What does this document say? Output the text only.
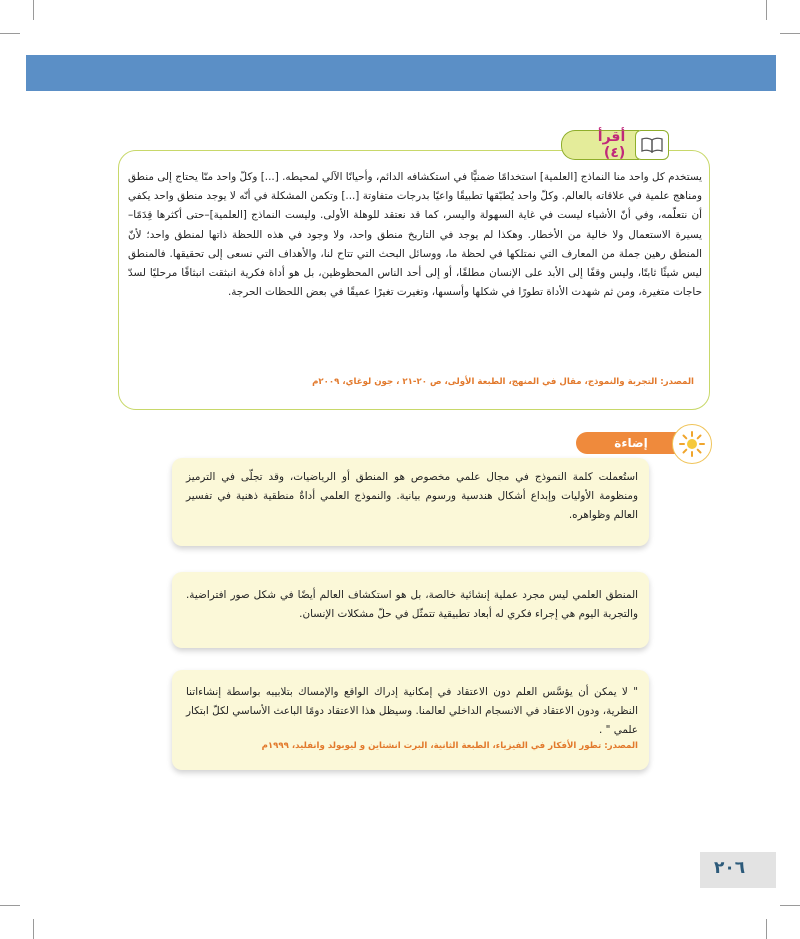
أقرأ (٤)
يستخدم كل واحد منا النماذج [العلمية] استخدامًا ضمنيًّا في استكشافه الدائم، وأحيانًا الآلي لمحيطه. [...] وكلّ واحد منّا يحتاج إلى منطق ومناهج علمية في علاقاته بالعالم. وكلّ واحد يُطبّقها تطبيقًا واعيًا بدرجات متفاوتة [...] وتكمن المشكلة في أنّه لا يوجد منطق واحد يكفي أن نتعلّمه، وفي أنّ الأشياء ليست في غاية السهولة واليسر، كما قد نعتقد للوهلة الأولى. وليست النماذج [العلمية]–حتى أكثرها قِدَمًا– يسيرة الاستعمال ولا خالية من الأخطار. وهكذا لم يوجد في التاريخ منطق واحد، ولا وجود في هذه اللحظة ذاتها لمنطق واحد؛ لأنّ المنطق رهين جملة من المعارف التي نمتلكها في لحظة ما، ووسائل البحث التي تتاح لنا، والأهداف التي نسعى إلى تحقيقها. فالمنطق ليس شيئًا ثابتًا، وليس وقفًا إلى الأبد على الإنسان مطلقًا، أو إلى أحد الناس المحظوظين، بل هو أداة فكرية انبثقت انبثاقًا مرحليًا لسدّ حاجات متغيرة، ومن ثم شهدت الأداة تطورًا في شكلها وأسسها، وتغيرت تغيرًا عميقًا في بعض اللحظات الحرجة.
المصدر: التجربة والنموذج، مقال في المنهج، الطبعة الأولى، ص ٢٠-٢١ ، جون لوغاي، ٢٠٠٩م
إضاءة
استُعملت كلمة النموذج في مجال علمي مخصوص هو المنطق أو الرياضيات، وقد تجلّى في الترميز ومنظومة الأوليات وإبداع أشكال هندسية ورسوم بيانية. والنموذج العلمي أداةٌ منطقية ذهنية في تفسير العالم وظواهره.
المنطق العلمي ليس مجرد عملية إنشائية خالصة، بل هو استكشاف العالم أيضًا في شكل صور افتراضية. والتجربة اليوم هي إجراء فكري له أبعاد تطبيقية تتمثّل في حلّ مشكلات الإنسان.
" لا يمكن أن يؤسَّس العلم دون الاعتقاد في إمكانية إدراك الواقع والإمساك بتلابيبه بواسطة إنشاءاتنا النظرية، ودون الاعتقاد في الانسجام الداخلي لعالمنا. وسيظل هذا الاعتقاد دومًا الباعث الأساسي لكلّ ابتكار علمي " .
المصدر: تطور الأفكار في الفيزياء، الطبعة الثانية، البرت انشتاين و ليوبولد وانفليد، ١٩٩٩م
٢٠٦
